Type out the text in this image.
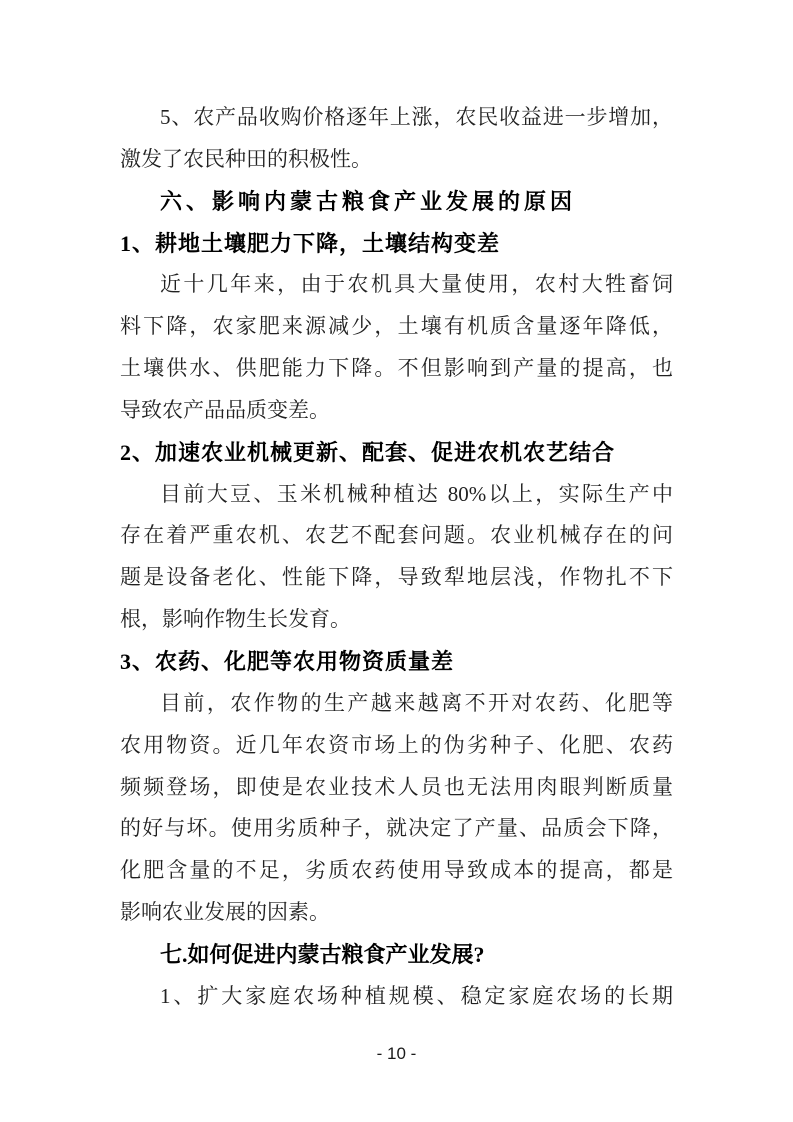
5、农产品收购价格逐年上涨，农民收益进一步增加，
激发了农民种田的积极性。
六、影响内蒙古粮食产业发展的原因
1、耕地土壤肥力下降，土壤结构变差
近十几年来，由于农机具大量使用，农村大牲畜饲
料下降，农家肥来源减少，土壤有机质含量逐年降低，
土壤供水、供肥能力下降。不但影响到产量的提高，也
导致农产品品质变差。
2、加速农业机械更新、配套、促进农机农艺结合
目前大豆、玉米机械种植达 80%以上，实际生产中
存在着严重农机、农艺不配套问题。农业机械存在的问
题是设备老化、性能下降，导致犁地层浅，作物扎不下
根，影响作物生长发育。
3、农药、化肥等农用物资质量差
目前，农作物的生产越来越离不开对农药、化肥等
农用物资。近几年农资市场上的伪劣种子、化肥、农药
频频登场，即使是农业技术人员也无法用肉眼判断质量
的好与坏。使用劣质种子，就决定了产量、品质会下降，
化肥含量的不足，劣质农药使用导致成本的提高，都是
影响农业发展的因素。
七.如何促进内蒙古粮食产业发展?
1、扩大家庭农场种植规模、稳定家庭农场的长期
- 10 -
